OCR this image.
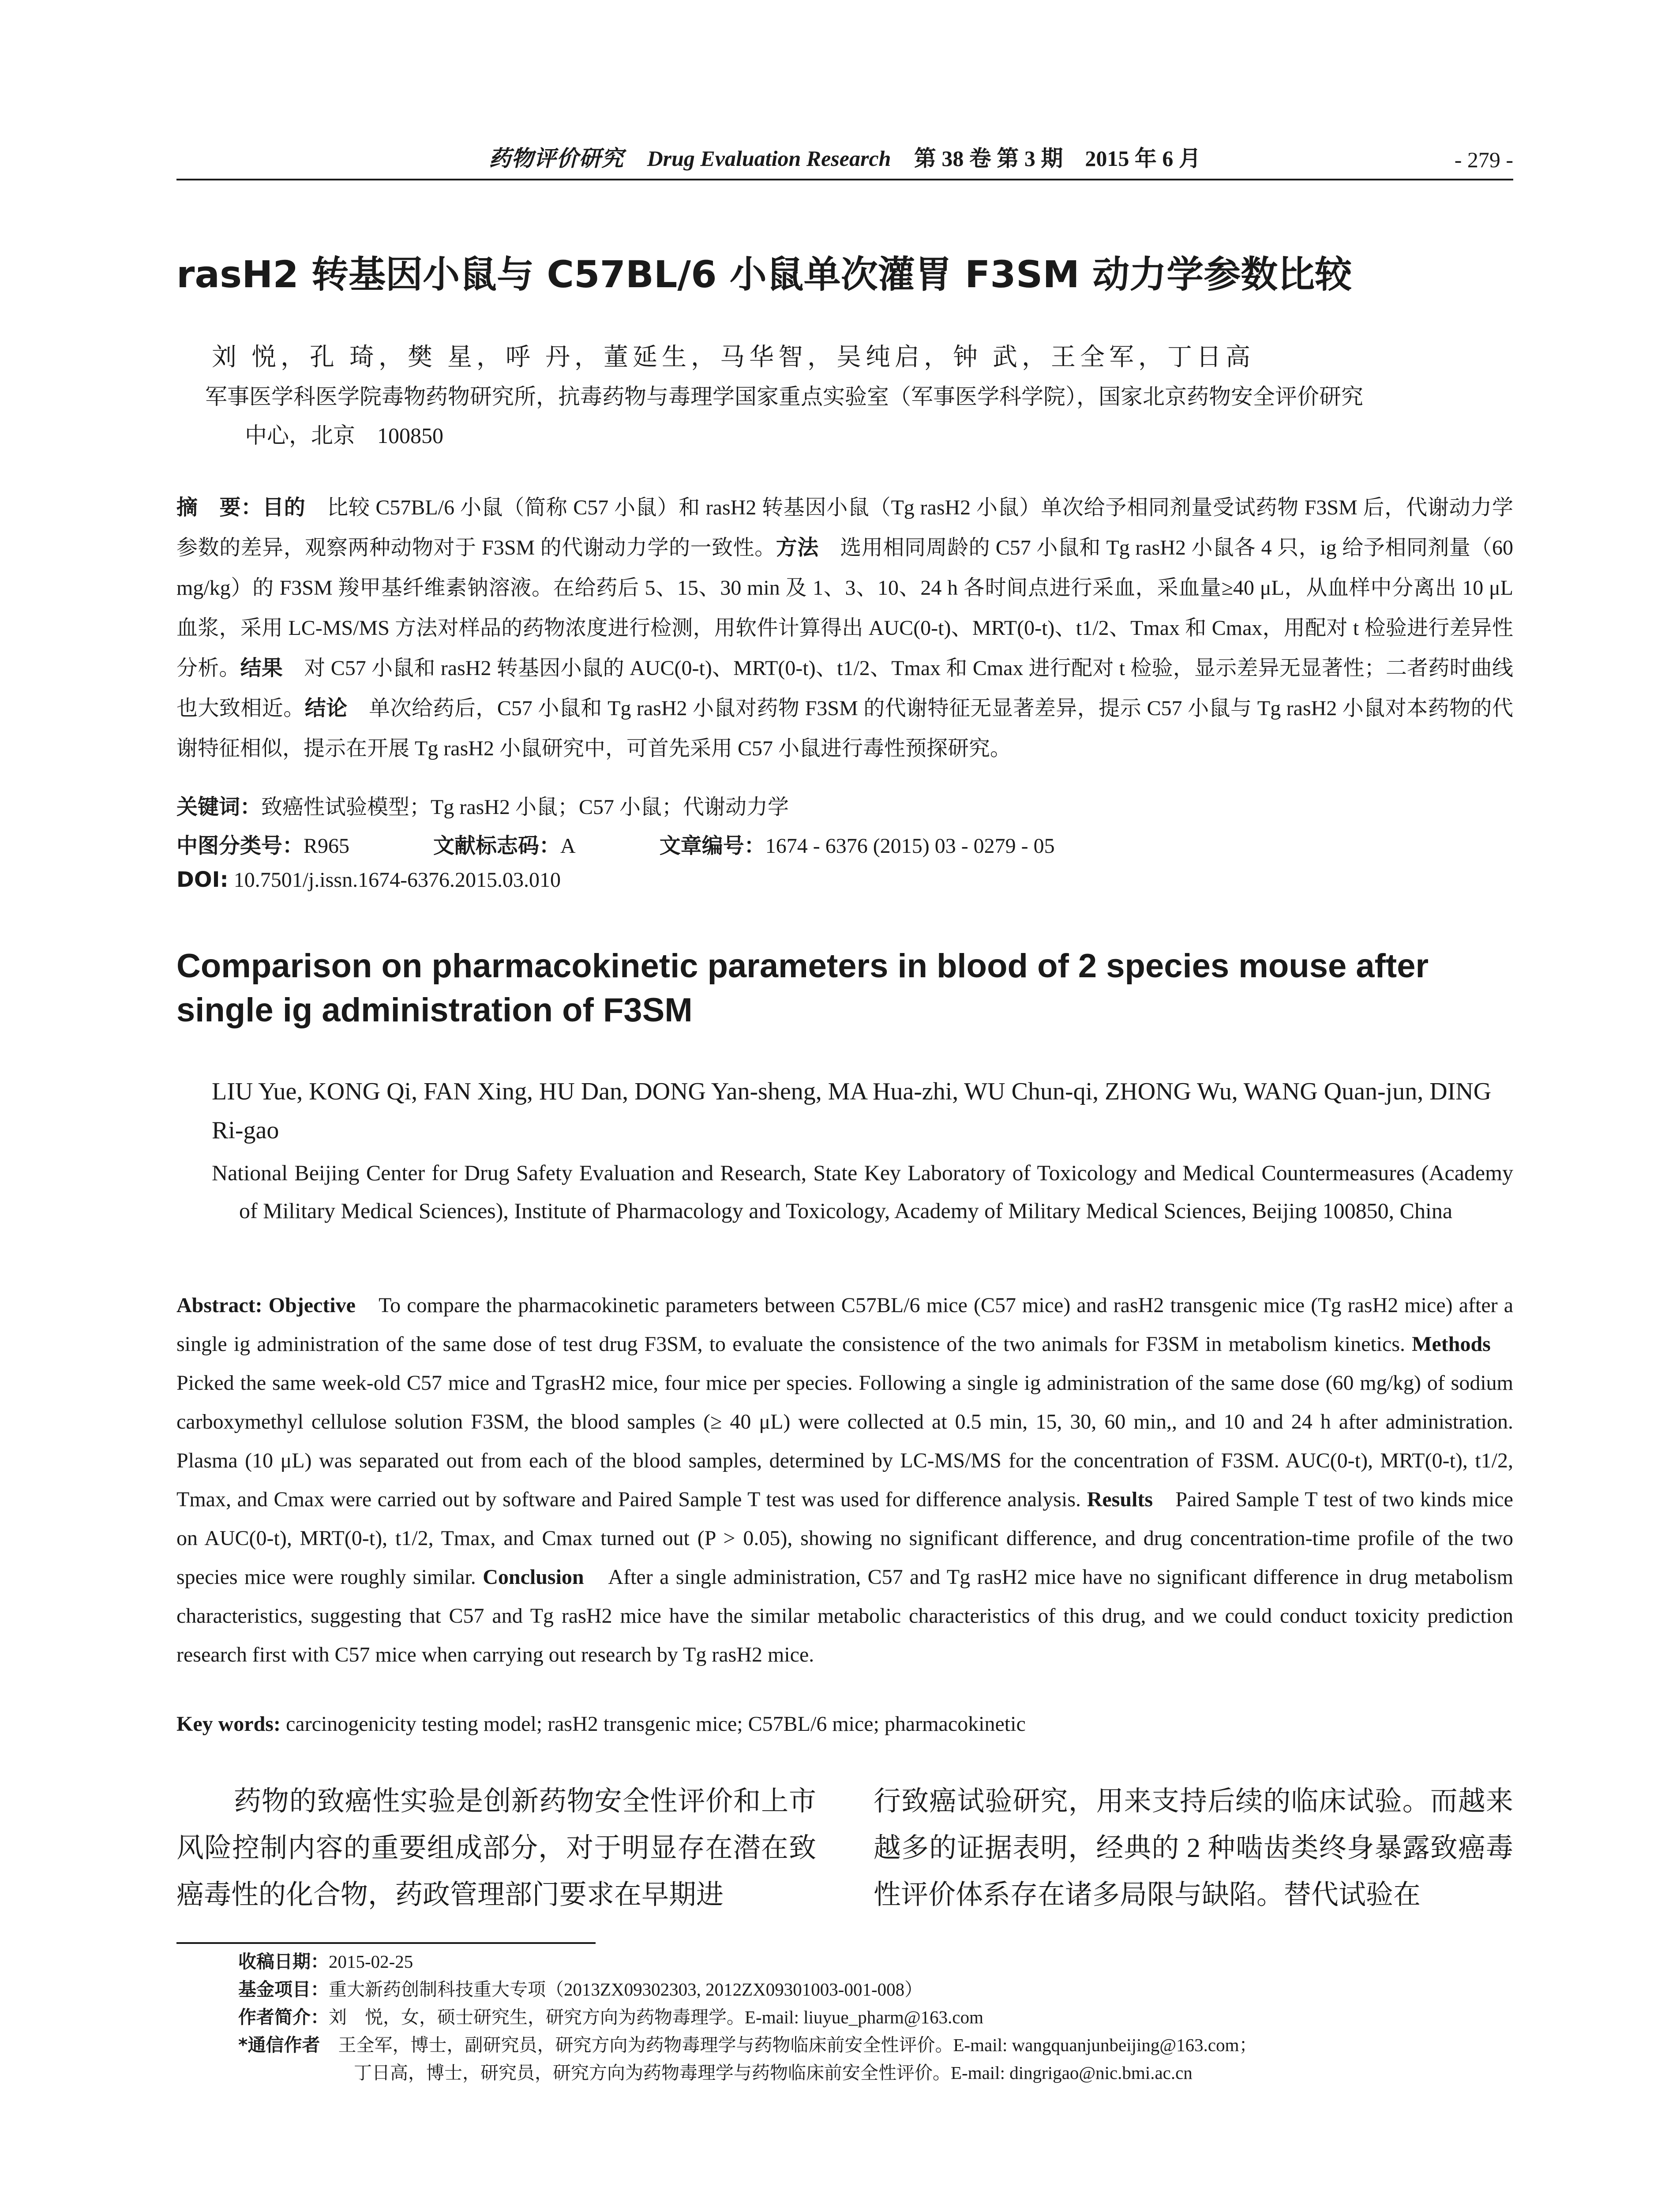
药物评价研究 Drug Evaluation Research 第 38 卷 第 3 期 2015 年 6 月	- 279 -
rasH2 转基因小鼠与 C57BL/6 小鼠单次灌胃 F3SM 动力学参数比较
刘 悦，孔 琦，樊 星，呼 丹，董延生，马华智，吴纯启，钟 武，王全军，丁日高
军事医学科医学院毒物药物研究所，抗毒药物与毒理学国家重点实验室（军事医学科学院），国家北京药物安全评价研究
中心，北京　100850
摘　要：目的　比较 C57BL/6 小鼠（简称 C57 小鼠）和 rasH2 转基因小鼠（Tg rasH2 小鼠）单次给予相同剂量受试药物 F3SM 后，代谢动力学参数的差异，观察两种动物对于 F3SM 的代谢动力学的一致性。方法　选用相同周龄的 C57 小鼠和 Tg rasH2 小鼠各 4 只，ig 给予相同剂量（60 mg/kg）的 F3SM 羧甲基纤维素钠溶液。在给药后 5、15、30 min 及 1、3、10、24 h 各时间点进行采血，采血量≥40 μL，从血样中分离出 10 μL 血浆，采用 LC-MS/MS 方法对样品的药物浓度进行检测，用软件计算得出 AUC(0-t)、MRT(0-t)、t1/2、Tmax 和 Cmax，用配对 t 检验进行差异性分析。结果　对 C57 小鼠和 rasH2 转基因小鼠的 AUC(0-t)、MRT(0-t)、t1/2、Tmax 和 Cmax 进行配对 t 检验，显示差异无显著性；二者药时曲线也大致相近。结论　单次给药后，C57 小鼠和 Tg rasH2 小鼠对药物 F3SM 的代谢特征无显著差异，提示 C57 小鼠与 Tg rasH2 小鼠对本药物的代谢特征相似，提示在开展 Tg rasH2 小鼠研究中，可首先采用 C57 小鼠进行毒性预探研究。
关键词：致癌性试验模型；Tg rasH2 小鼠；C57 小鼠；代谢动力学
中图分类号：R965	文献标志码：A	文章编号：1674 - 6376 (2015) 03 - 0279 - 05
DOI: 10.7501/j.issn.1674-6376.2015.03.010
Comparison on pharmacokinetic parameters in blood of 2 species mouse after single ig administration of F3SM
LIU Yue, KONG Qi, FAN Xing, HU Dan, DONG Yan-sheng, MA Hua-zhi, WU Chun-qi, ZHONG Wu, WANG Quan-jun, DING Ri-gao
National Beijing Center for Drug Safety Evaluation and Research, State Key Laboratory of Toxicology and Medical Countermeasures (Academy of Military Medical Sciences), Institute of Pharmacology and Toxicology, Academy of Military Medical Sciences, Beijing 100850, China
Abstract: Objective　To compare the pharmacokinetic parameters between C57BL/6 mice (C57 mice) and rasH2 transgenic mice (Tg rasH2 mice) after a single ig administration of the same dose of test drug F3SM, to evaluate the consistence of the two animals for F3SM in metabolism kinetics. Methods　Picked the same week-old C57 mice and TgrasH2 mice, four mice per species. Following a single ig administration of the same dose (60 mg/kg) of sodium carboxymethyl cellulose solution F3SM, the blood samples (≥ 40 μL) were collected at 0.5 min, 15, 30, 60 min,, and 10 and 24 h after administration. Plasma (10 μL) was separated out from each of the blood samples, determined by LC-MS/MS for the concentration of F3SM. AUC(0-t), MRT(0-t), t1/2, Tmax, and Cmax were carried out by software and Paired Sample T test was used for difference analysis. Results　Paired Sample T test of two kinds mice on AUC(0-t), MRT(0-t), t1/2, Tmax, and Cmax turned out (P > 0.05), showing no significant difference, and drug concentration-time profile of the two species mice were roughly similar. Conclusion　After a single administration, C57 and Tg rasH2 mice have no significant difference in drug metabolism characteristics, suggesting that C57 and Tg rasH2 mice have the similar metabolic characteristics of this drug, and we could conduct toxicity prediction research first with C57 mice when carrying out research by Tg rasH2 mice.
Key words: carcinogenicity testing model; rasH2 transgenic mice; C57BL/6 mice; pharmacokinetic
药物的致癌性实验是创新药物安全性评价和上市风险控制内容的重要组成部分，对于明显存在潜在致癌毒性的化合物，药政管理部门要求在早期进
行致癌试验研究，用来支持后续的临床试验。而越来越多的证据表明，经典的 2 种啮齿类终身暴露致癌毒性评价体系存在诸多局限与缺陷。替代试验在
收稿日期：2015-02-25
基金项目：重大新药创制科技重大专项（2013ZX09302303, 2012ZX09301003-001-008）
作者简介：刘　悦，女，硕士研究生，研究方向为药物毒理学。E-mail: liuyue_pharm@163.com
*通信作者　王全军，博士，副研究员，研究方向为药物毒理学与药物临床前安全性评价。E-mail: wangquanjunbeijing@163.com；
丁日高，博士，研究员，研究方向为药物毒理学与药物临床前安全性评价。E-mail: dingrigao@nic.bmi.ac.cn
